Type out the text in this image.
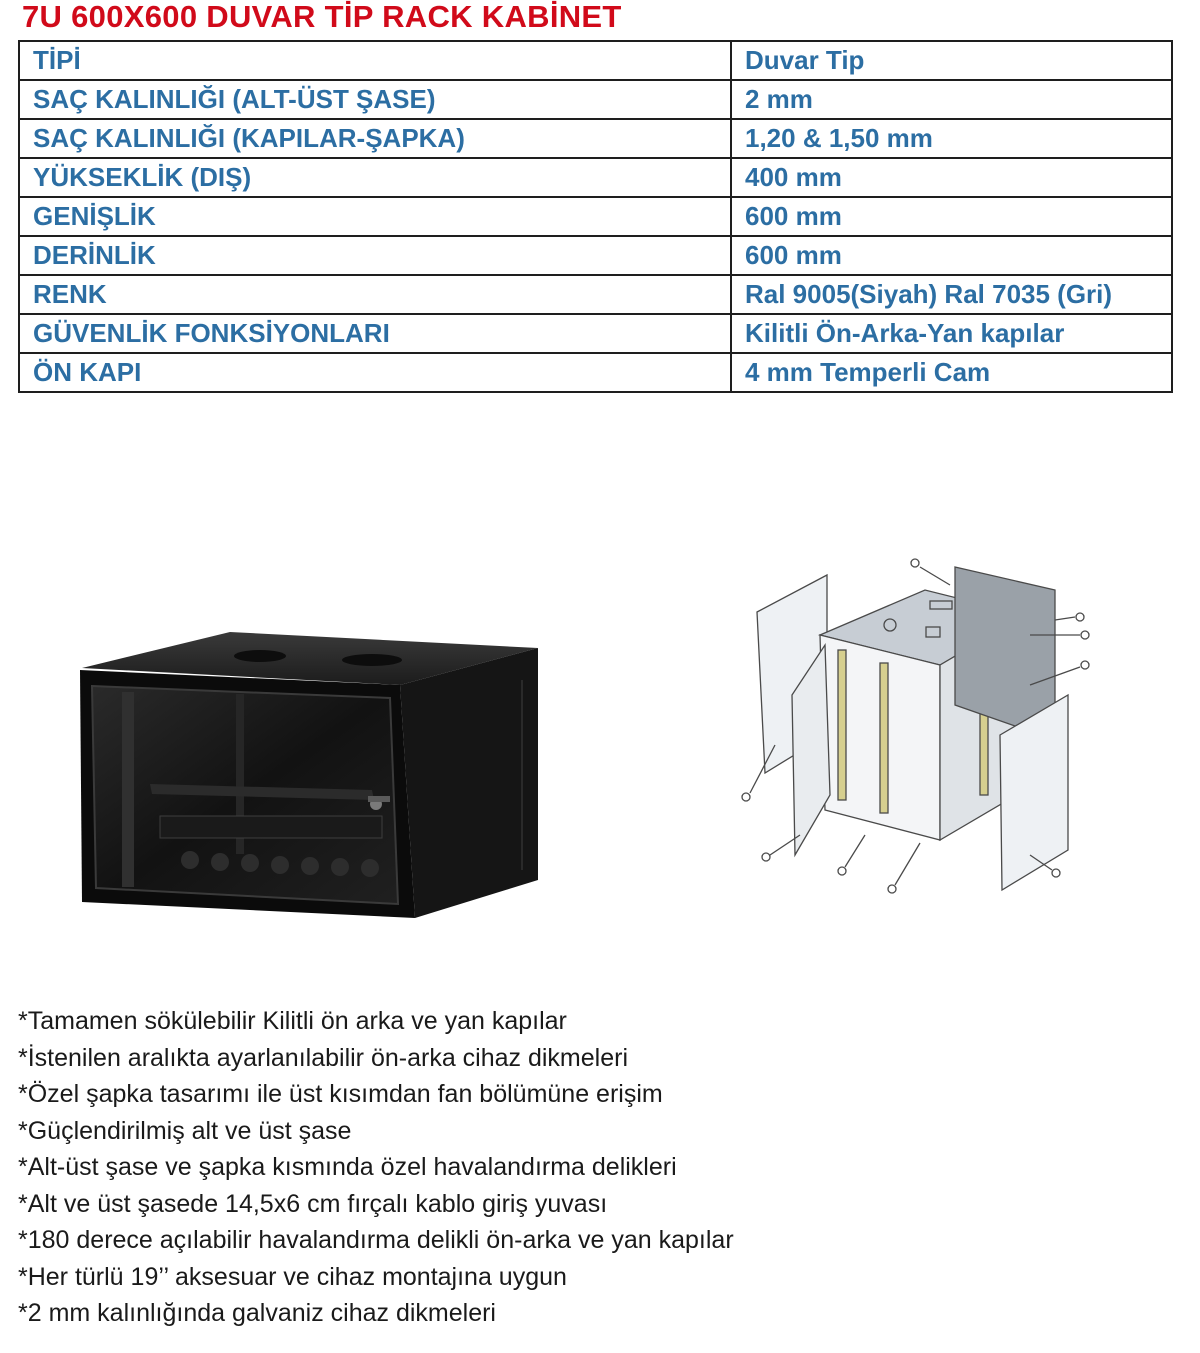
7U 600X600 DUVAR TİP RACK KABİNET
TİPİ	Duvar Tip
SAÇ KALINLIĞI (ALT-ÜST ŞASE)	2 mm
SAÇ KALINLIĞI (KAPILAR-ŞAPKA)	1,20 & 1,50 mm
YÜKSEKLİK (DIŞ)	400 mm
GENİŞLİK	600 mm
DERİNLİK	600 mm
RENK	Ral 9005(Siyah) Ral 7035 (Gri)
GÜVENLİK FONKSİYONLARI	Kilitli Ön-Arka-Yan kapılar
ÖN KAPI	4 mm Temperli Cam
*Tamamen sökülebilir Kilitli ön arka ve yan kapılar
*İstenilen aralıkta ayarlanılabilir ön-arka cihaz dikmeleri
*Özel şapka tasarımı ile üst kısımdan fan bölümüne erişim
*Güçlendirilmiş alt ve üst şase
*Alt-üst şase ve şapka kısmında özel havalandırma delikleri
*Alt ve üst şasede 14,5x6 cm fırçalı kablo giriş yuvası
*180 derece açılabilir havalandırma delikli ön-arka ve yan kapılar
*Her türlü 19’’ aksesuar ve cihaz montajına uygun
*2 mm kalınlığında galvaniz cihaz dikmeleri
